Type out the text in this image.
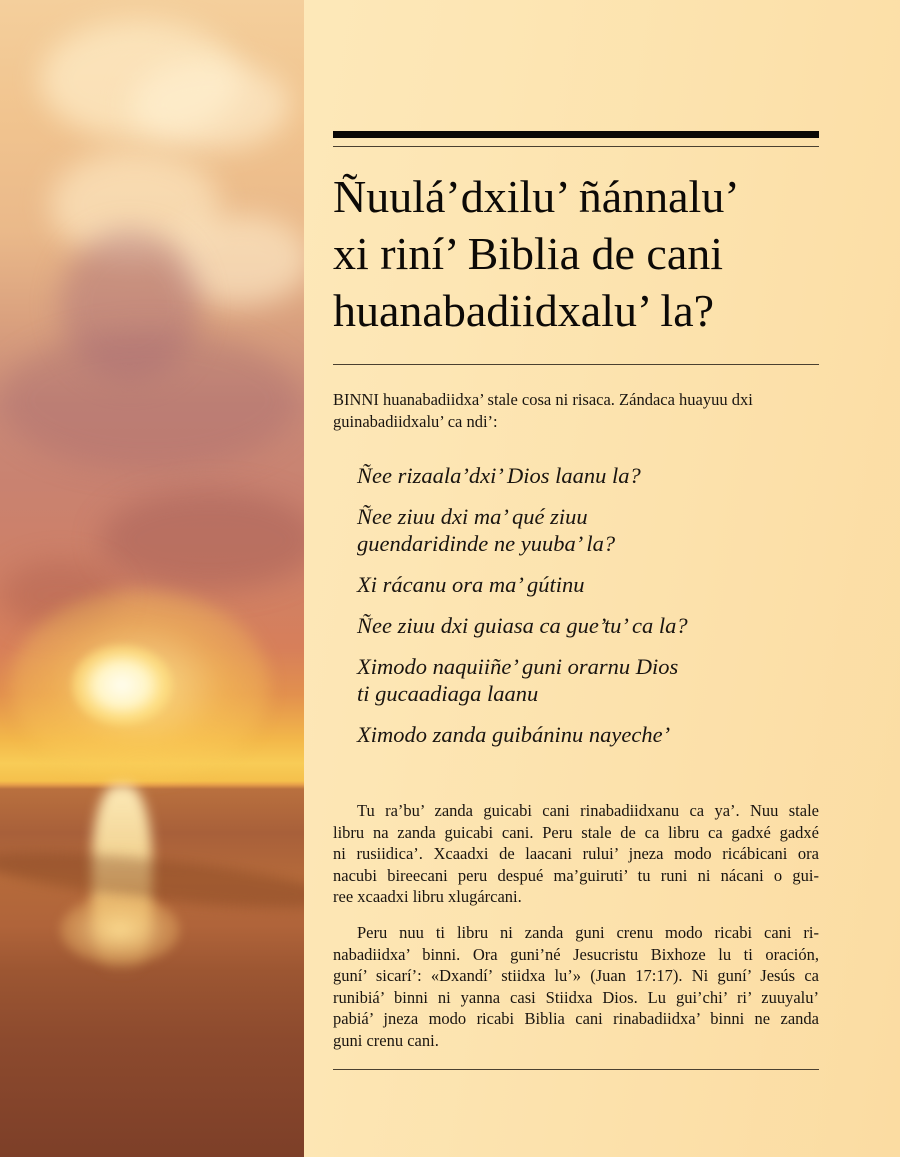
Ñuulá’dxilu’ ñánnalu’
xi riní’ Biblia de cani
huanabadiidxalu’ la?

BINNI huanabadiidxa’ stale cosa ni risaca. Zándaca huayuu dxi
guinabadiidxalu’ ca ndi’:

Ñee rizaala’dxi’ Dios laanu la?
Ñee ziuu dxi ma’ qué ziuu
guendaridinde ne yuuba’ la?
Xi rácanu ora ma’ gútinu
Ñee ziuu dxi guiasa ca gue’tu’ ca la?
Ximodo naquiiñe’ guni orarnu Dios
ti gucaadiaga laanu
Ximodo zanda guibáninu nayeche’

Tu ra’bu’ zanda guicabi cani rinabadiidxanu ca ya’. Nuu stale
libru na zanda guicabi cani. Peru stale de ca libru ca gadxé gadxé
ni rusiidica’. Xcaadxi de laacani rului’ jneza modo ricábicani ora
nacubi bireecani peru despué ma’guiruti’ tu runi ni nácani o gui-
ree xcaadxi libru xlugárcani.

Peru nuu ti libru ni zanda guni crenu modo ricabi cani ri-
nabadiidxa’ binni. Ora guni’né Jesucristu Bixhoze lu ti oración,
guní’ sicarí’: «Dxandí’ stiidxa lu’» (Juan 17:17). Ni guní’ Jesús ca
runibiá’ binni ni yanna casi Stiidxa Dios. Lu gui’chi’ ri’ zuuyalu’
pabiá’ jneza modo ricabi Biblia cani rinabadiidxa’ binni ne zanda
guni crenu cani.
